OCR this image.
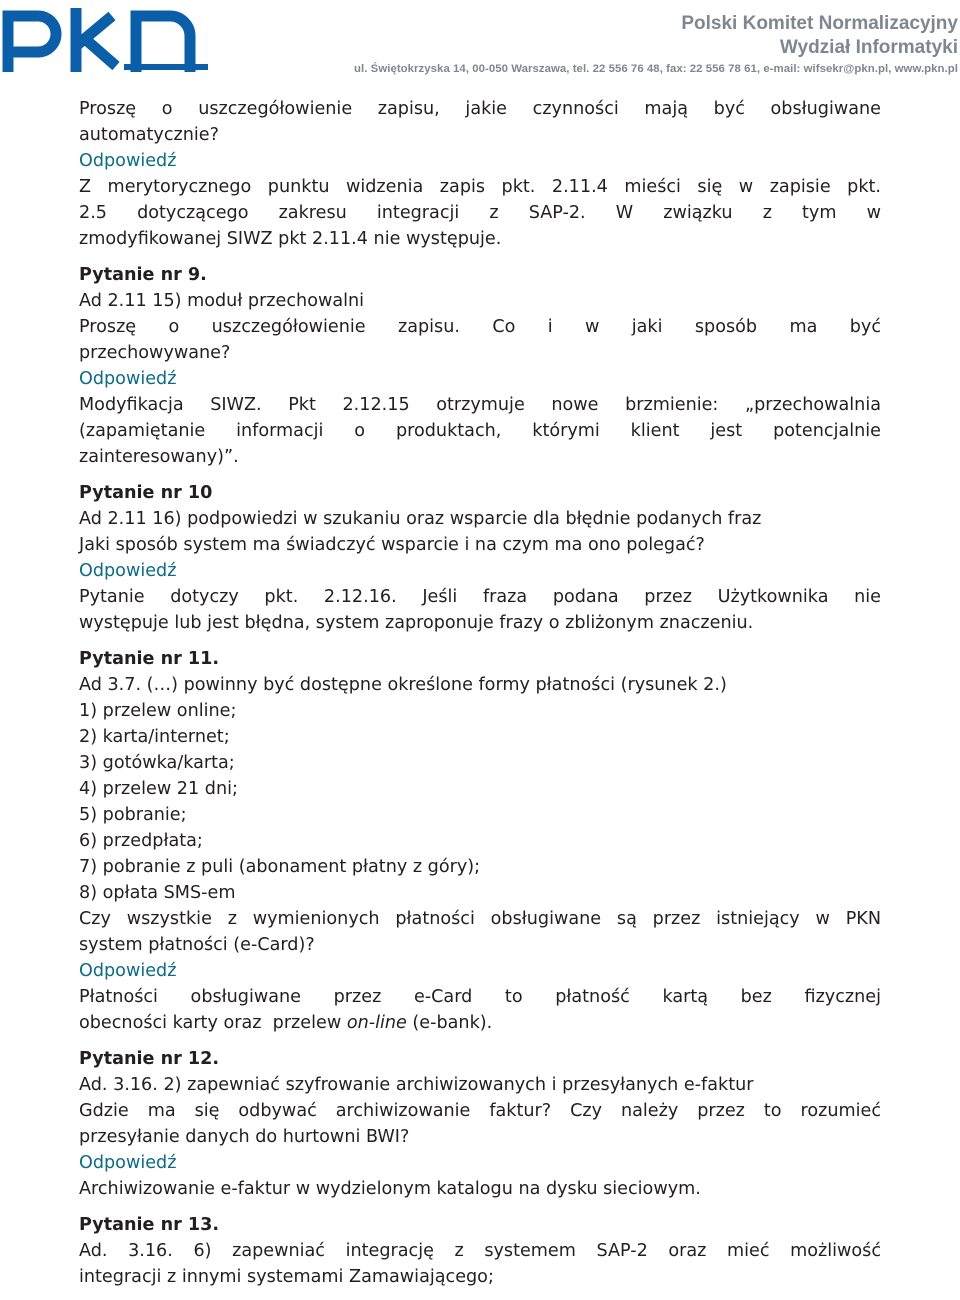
Polski Komitet Normalizacyjny
Wydział Informatyki
ul. Świętokrzyska 14, 00-050 Warszawa, tel. 22 556 76 48, fax: 22 556 78 61, e-mail: wifsekr@pkn.pl, www.pkn.pl

Proszę o uszczegółowienie zapisu, jakie czynności mają być obsługiwane

automatycznie?

Odpowiedź

Z merytorycznego punktu widzenia zapis pkt. 2.11.4 mieści się w zapisie pkt.

2.5 dotyczącego zakresu integracji z SAP-2. W związku z tym w

zmodyfikowanej SIWZ pkt 2.11.4 nie występuje.

Pytanie nr 9.

Ad 2.11 15) moduł przechowalni

Proszę o uszczegółowienie zapisu. Co i w jaki sposób ma być

przechowywane?

Odpowiedź

Modyfikacja SIWZ. Pkt 2.12.15 otrzymuje nowe brzmienie: „przechowalnia

(zapamiętanie informacji o produktach, którymi klient jest potencjalnie

zainteresowany)”.

Pytanie nr 10

Ad 2.11 16) podpowiedzi w szukaniu oraz wsparcie dla błędnie podanych fraz

Jaki sposób system ma świadczyć wsparcie i na czym ma ono polegać?

Odpowiedź

Pytanie dotyczy pkt. 2.12.16. Jeśli fraza podana przez Użytkownika nie

występuje lub jest błędna, system zaproponuje frazy o zbliżonym znaczeniu.

Pytanie nr 11.

Ad 3.7. (…) powinny być dostępne określone formy płatności (rysunek 2.)

1) przelew online;

2) karta/internet;

3) gotówka/karta;

4) przelew 21 dni;

5) pobranie;

6) przedpłata;

7) pobranie z puli (abonament płatny z góry);

8) opłata SMS-em

Czy wszystkie z wymienionych płatności obsługiwane są przez istniejący w PKN

system płatności (e-Card)?

Odpowiedź

Płatności obsługiwane przez e-Card to płatność kartą bez fizycznej

obecności karty oraz  przelew on-line (e-bank).

Pytanie nr 12.

Ad. 3.16. 2) zapewniać szyfrowanie archiwizowanych i przesyłanych e-faktur

Gdzie ma się odbywać archiwizowanie faktur? Czy należy przez to rozumieć

przesyłanie danych do hurtowni BWI?

Odpowiedź

Archiwizowanie e-faktur w wydzielonym katalogu na dysku sieciowym.

Pytanie nr 13.

Ad. 3.16. 6) zapewniać integrację z systemem SAP-2 oraz mieć możliwość

integracji z innymi systemami Zamawiającego;
